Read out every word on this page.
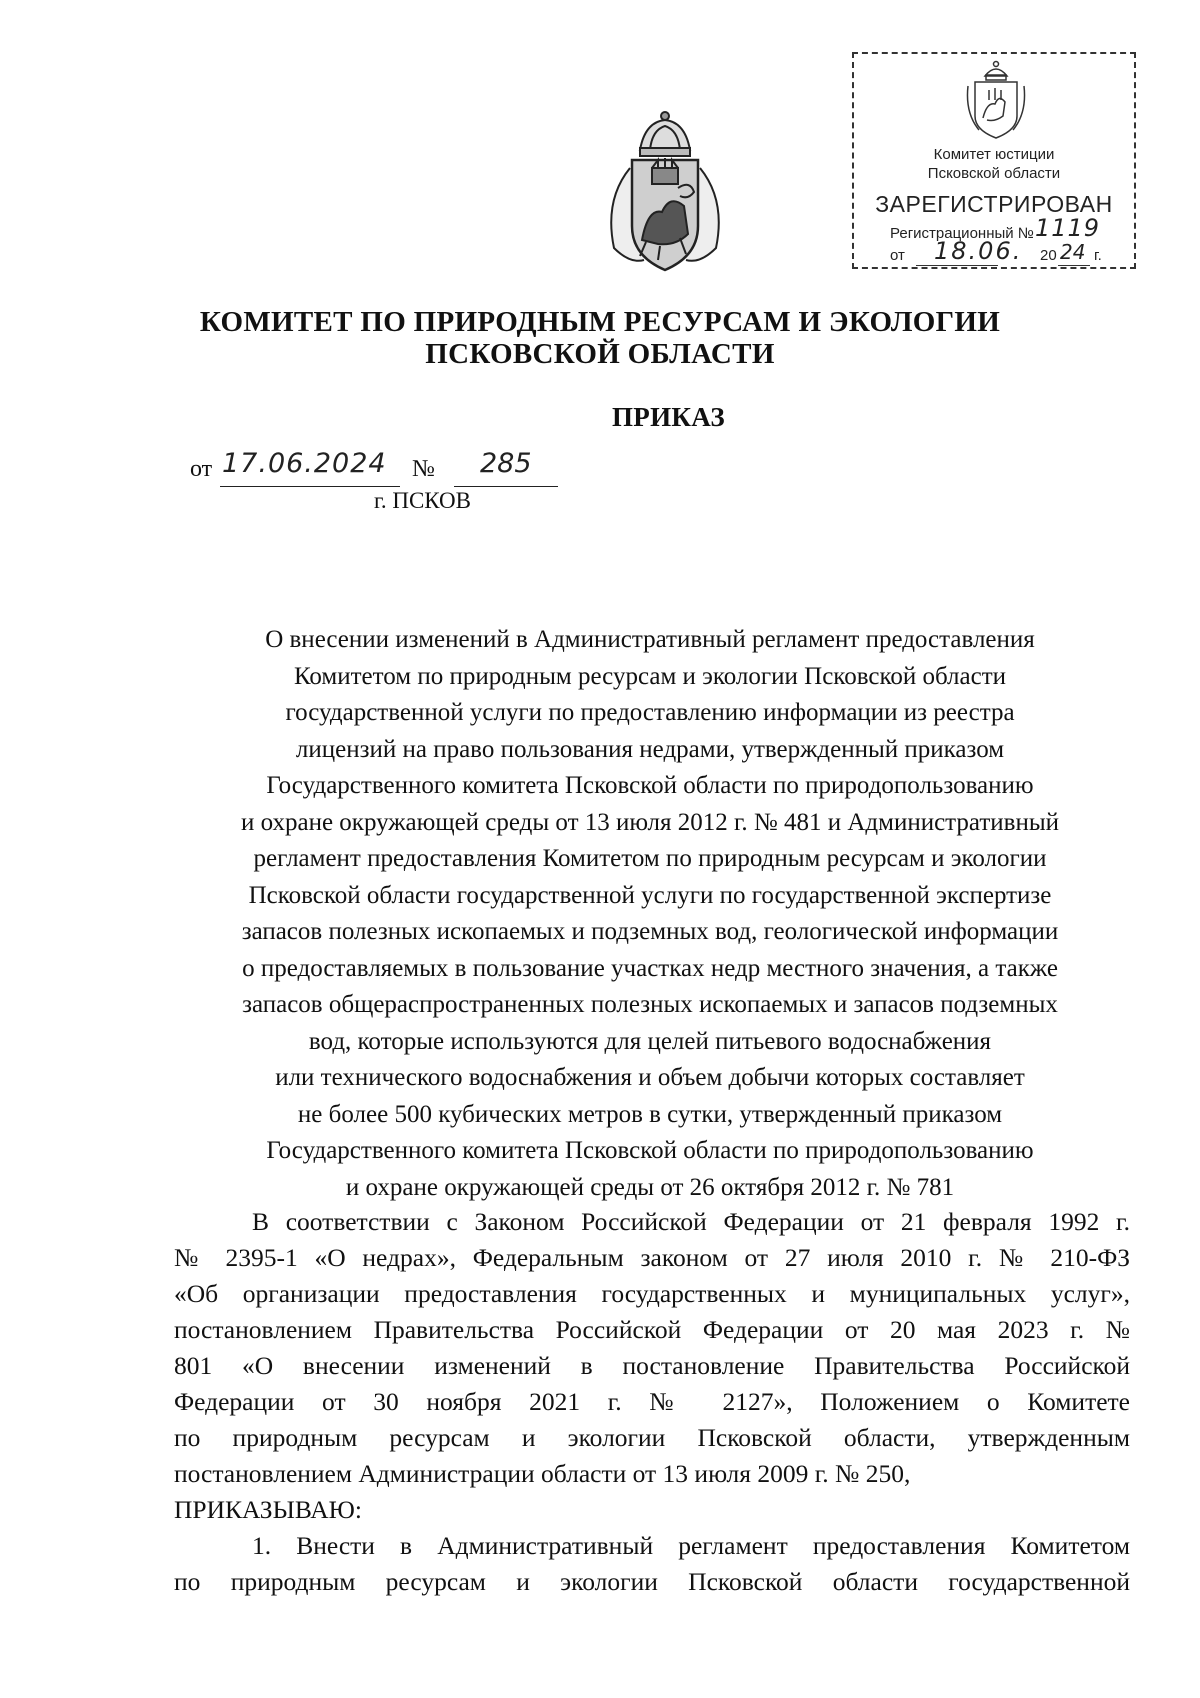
Комитет юстиции
Псковской области
ЗАРЕГИСТРИРОВАН
Регистрационный № 1119
от	20 г.
18.06. 24
КОМИТЕТ ПО ПРИРОДНЫМ РЕСУРСАМ И ЭКОЛОГИИ
ПСКОВСКОЙ ОБЛАСТИ
ПРИКАЗ
от 17.06.2024 № 285
г. ПСКОВ
О внесении изменений в Административный регламент предоставления
Комитетом по природным ресурсам и экологии Псковской области
государственной услуги по предоставлению информации из реестра
лицензий на право пользования недрами, утвержденный приказом
Государственного комитета Псковской области по природопользованию
и охране окружающей среды от 13 июля 2012 г. № 481 и Административный
регламент предоставления Комитетом по природным ресурсам и экологии
Псковской области государственной услуги по государственной экспертизе
запасов полезных ископаемых и подземных вод, геологической информации
о предоставляемых в пользование участках недр местного значения, а также
запасов общераспространенных полезных ископаемых и запасов подземных
вод, которые используются для целей питьевого водоснабжения
или технического водоснабжения и объем добычи которых составляет
не более 500 кубических метров в сутки, утвержденный приказом
Государственного комитета Псковской области по природопользованию
и охране окружающей среды от 26 октября 2012 г. № 781
В соответствии с Законом Российской Федерации от 21 февраля 1992 г.
№ 2395-1 «О недрах», Федеральным законом от 27 июля 2010 г. № 210-ФЗ
«Об организации предоставления государственных и муниципальных услуг»,
постановлением Правительства Российской Федерации от 20 мая 2023 г. №
801 «О внесении изменений в постановление Правительства Российской
Федерации от 30 ноября 2021 г. № 2127», Положением о Комитете
по природным ресурсам и экологии Псковской области, утвержденным
постановлением Администрации области от 13 июля 2009 г. № 250,
ПРИКАЗЫВАЮ:
1. Внести в Административный регламент предоставления Комитетом
по природным ресурсам и экологии Псковской области государственной
